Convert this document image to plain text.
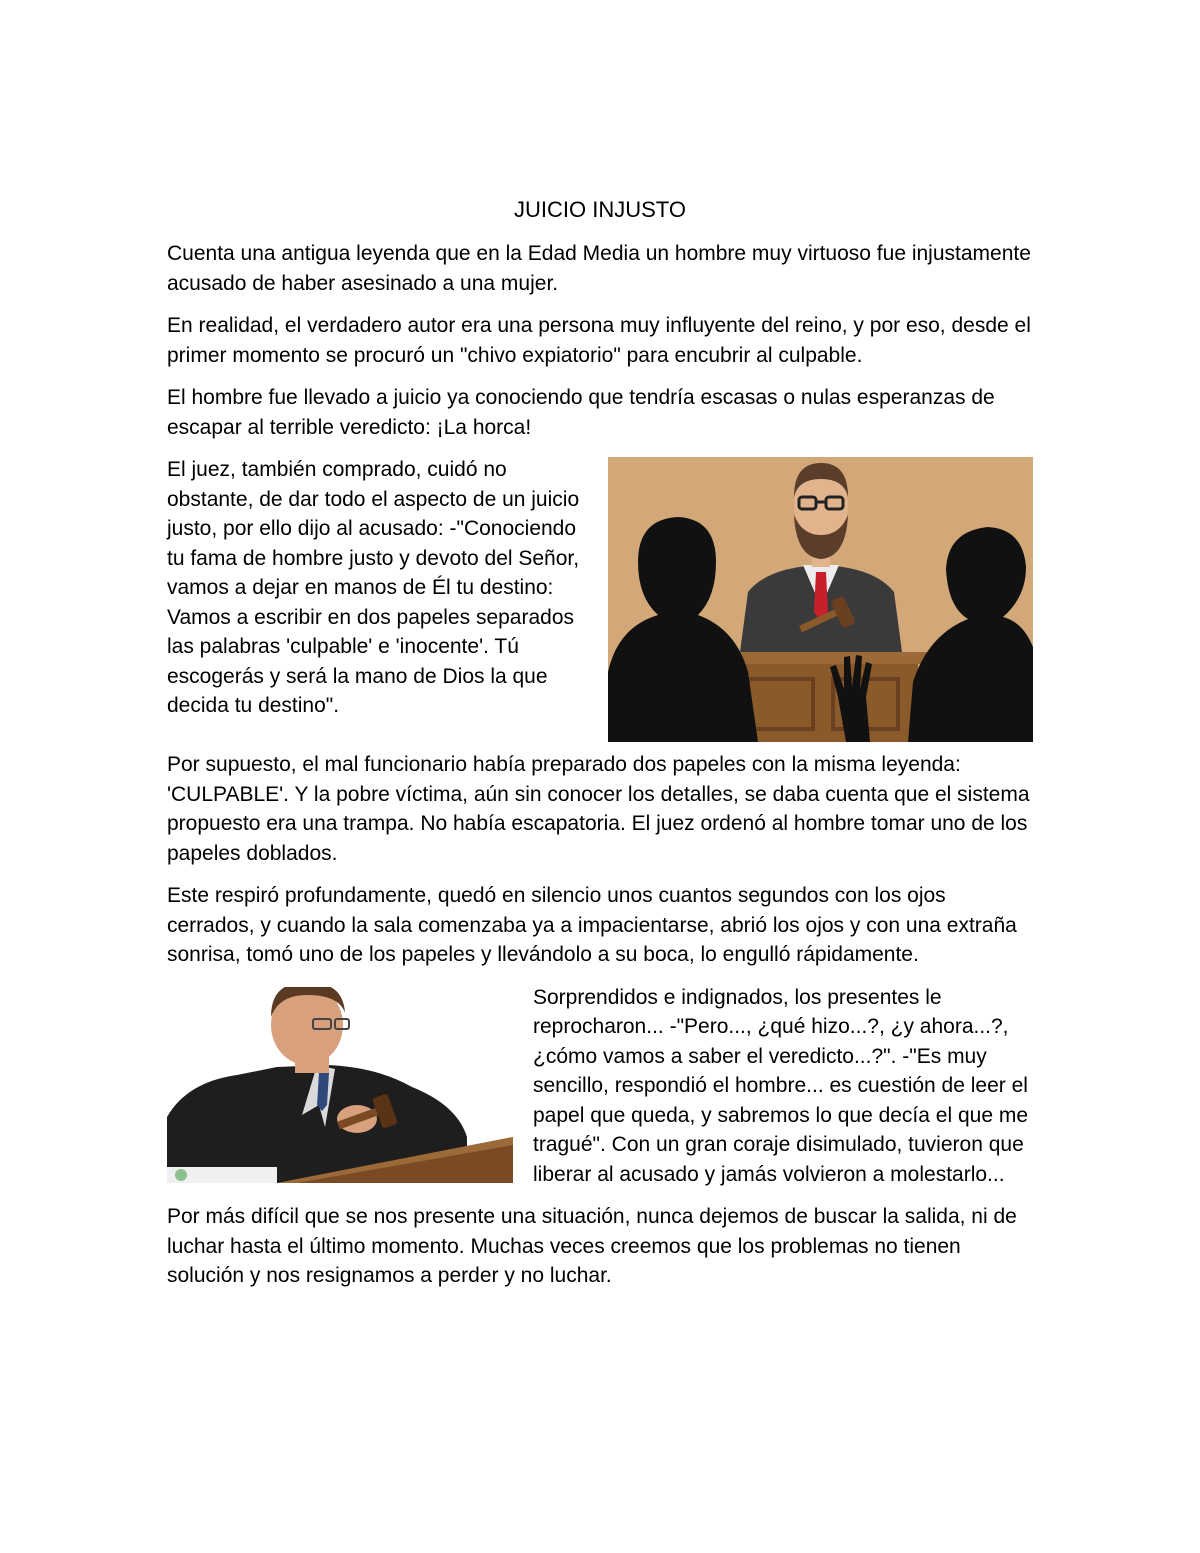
JUICIO INJUSTO

Cuenta una antigua leyenda que en la Edad Media un hombre muy virtuoso fue injustamente acusado de haber asesinado a una mujer.

En realidad, el verdadero autor era una persona muy influyente del reino, y por eso, desde el primer momento se procuró un "chivo expiatorio" para encubrir al culpable.

El hombre fue llevado a juicio ya conociendo que tendría escasas o nulas esperanzas de escapar al terrible veredicto: ¡La horca!

El juez, también comprado, cuidó no obstante, de dar todo el aspecto de un juicio justo, por ello dijo al acusado: -"Conociendo tu fama de hombre justo y devoto del Señor, vamos a dejar en manos de Él tu destino: Vamos a escribir en dos papeles separados las palabras 'culpable' e 'inocente'. Tú escogerás y será la mano de Dios la que decida tu destino".

Por supuesto, el mal funcionario había preparado dos papeles con la misma leyenda: 'CULPABLE'. Y la pobre víctima, aún sin conocer los detalles, se daba cuenta que el sistema propuesto era una trampa. No había escapatoria. El juez ordenó al hombre tomar uno de los papeles doblados.

Este respiró profundamente, quedó en silencio unos cuantos segundos con los ojos cerrados, y cuando la sala comenzaba ya a impacientarse, abrió los ojos y con una extraña sonrisa, tomó uno de los papeles y llevándolo a su boca, lo engulló rápidamente.

Sorprendidos e indignados, los presentes le reprocharon... -"Pero..., ¿qué hizo...?, ¿y ahora...?, ¿cómo vamos a saber el veredicto...?". -"Es muy sencillo, respondió el hombre... es cuestión de leer el papel que queda, y sabremos lo que decía el que me tragué". Con un gran coraje disimulado, tuvieron que liberar al acusado y jamás volvieron a molestarlo...

Por más difícil que se nos presente una situación, nunca dejemos de buscar la salida, ni de luchar hasta el último momento. Muchas veces creemos que los problemas no tienen solución y nos resignamos a perder y no luchar.
